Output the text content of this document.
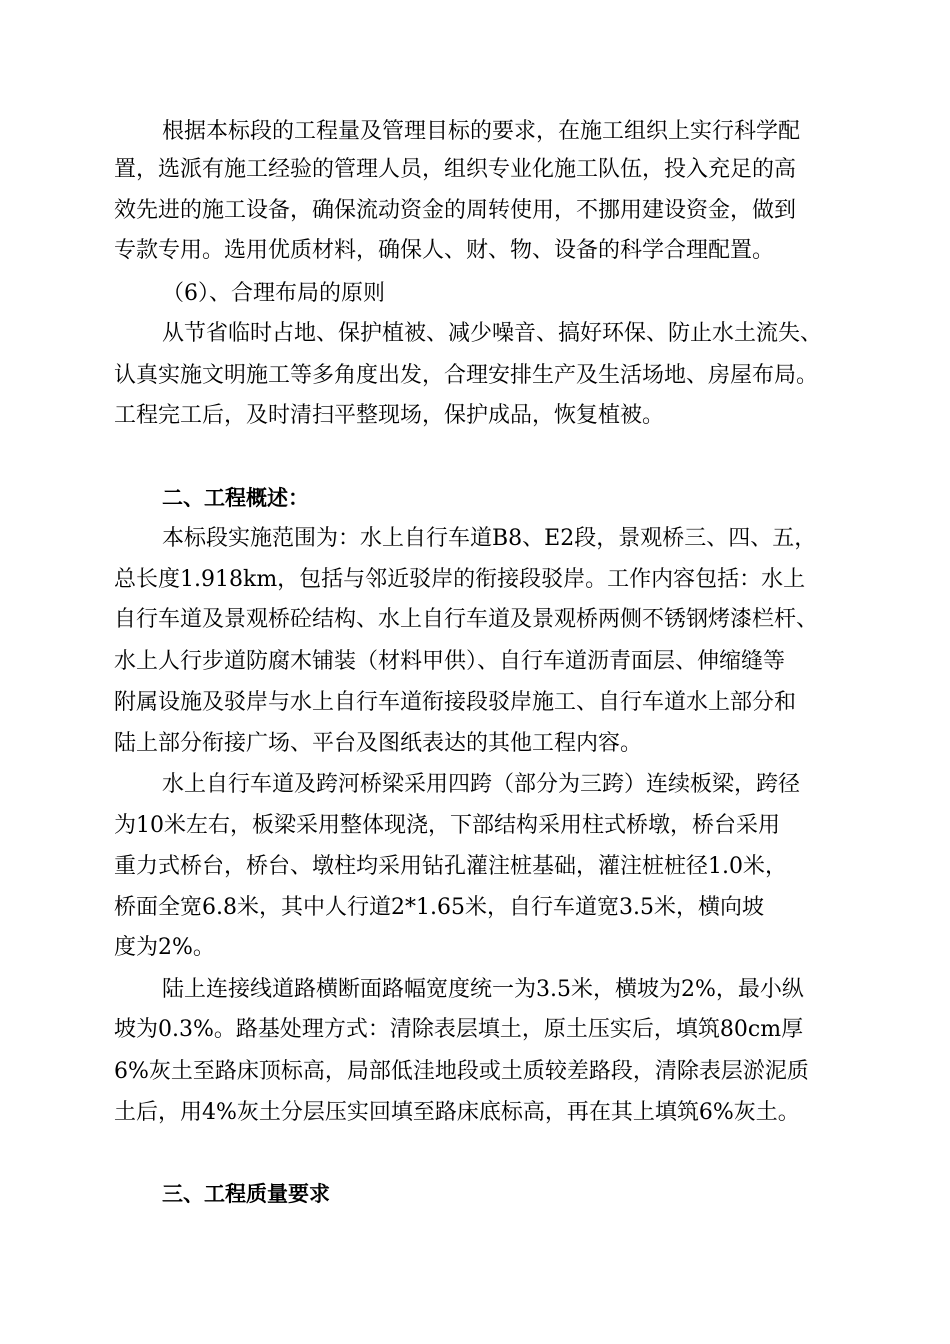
根据本标段的工程量及管理目标的要求，在施工组织上实行科学配
置，选派有施工经验的管理人员，组织专业化施工队伍，投入充足的高
效先进的施工设备，确保流动资金的周转使用，不挪用建设资金，做到
专款专用。选用优质材料，确保人、财、物、设备的科学合理配置。
（6）、合理布局的原则
从节省临时占地、保护植被、减少噪音、搞好环保、防止水土流失、
认真实施文明施工等多角度出发，合理安排生产及生活场地、房屋布局。
工程完工后，及时清扫平整现场，保护成品，恢复植被。
二、工程概述：
本标段实施范围为：水上自行车道B8、E2段，景观桥三、四、五，
总长度1.918km，包括与邻近驳岸的衔接段驳岸。工作内容包括：水上
自行车道及景观桥砼结构、水上自行车道及景观桥两侧不锈钢烤漆栏杆、
水上人行步道防腐木铺装（材料甲供）、自行车道沥青面层、伸缩缝等
附属设施及驳岸与水上自行车道衔接段驳岸施工、自行车道水上部分和
陆上部分衔接广场、平台及图纸表达的其他工程内容。
水上自行车道及跨河桥梁采用四跨（部分为三跨）连续板梁，跨径
为10米左右，板梁采用整体现浇，下部结构采用柱式桥墩，桥台采用
重力式桥台，桥台、墩柱均采用钻孔灌注桩基础，灌注桩桩径1.0米，
桥面全宽6.8米，其中人行道2*1.65米，自行车道宽3.5米，横向坡
度为2%。
陆上连接线道路横断面路幅宽度统一为3.5米，横坡为2%，最小纵
坡为0.3%。路基处理方式：清除表层填土，原土压实后，填筑80cm厚
6%灰土至路床顶标高，局部低洼地段或土质较差路段，清除表层淤泥质
土后，用4%灰土分层压实回填至路床底标高，再在其上填筑6%灰土。
三、工程质量要求
